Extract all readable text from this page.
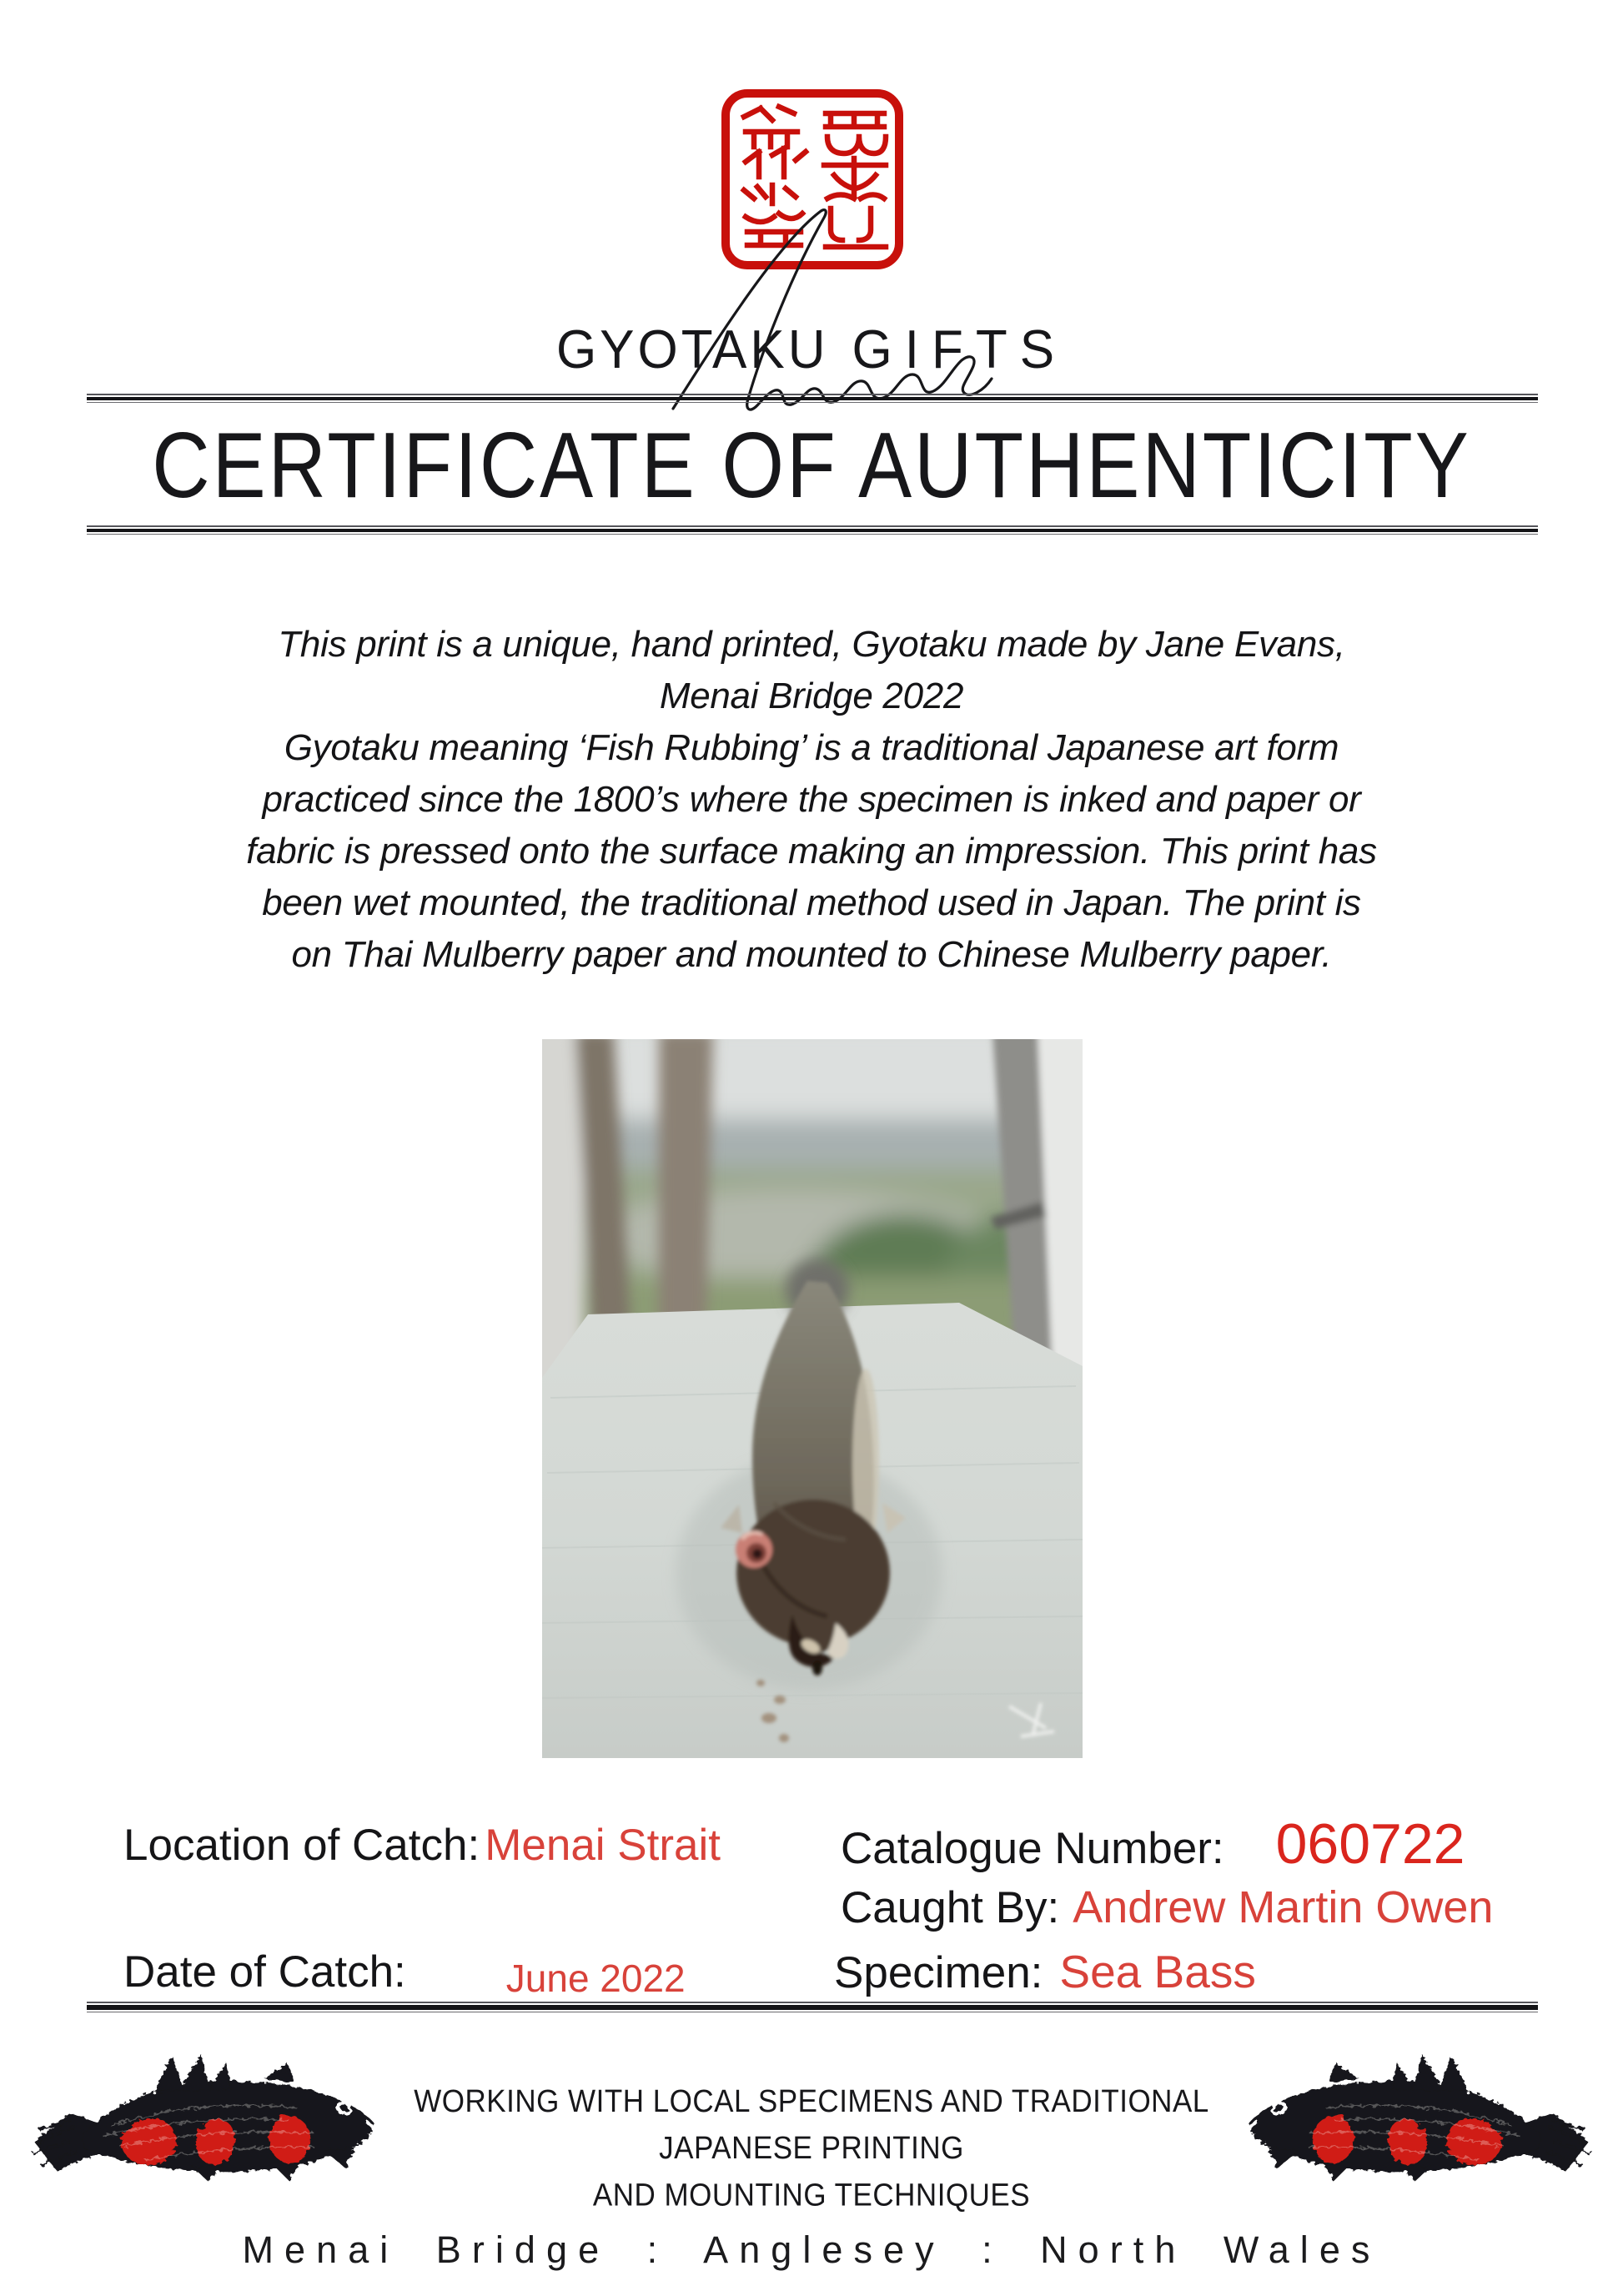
GYOTAKU GIFTS
CERTIFICATE OF AUTHENTICITY
This print is a unique, hand printed, Gyotaku made by Jane Evans,
Menai Bridge 2022
Gyotaku meaning ‘Fish Rubbing’ is a traditional Japanese art form
practiced since the 1800’s where the specimen is inked and paper or
fabric is pressed onto the surface making an impression. This print has
been wet mounted, the traditional method used in Japan. The print is
on Thai Mulberry paper and mounted to Chinese Mulberry paper.
Location of Catch: Menai Strait	Catalogue Number: 060722
Caught By: Andrew Martin Owen
Date of Catch:	June 2022	Specimen: Sea Bass
WORKING WITH LOCAL SPECIMENS AND TRADITIONAL
JAPANESE PRINTING
AND MOUNTING TECHNIQUES
Menai Bridge : Anglesey : North Wales
